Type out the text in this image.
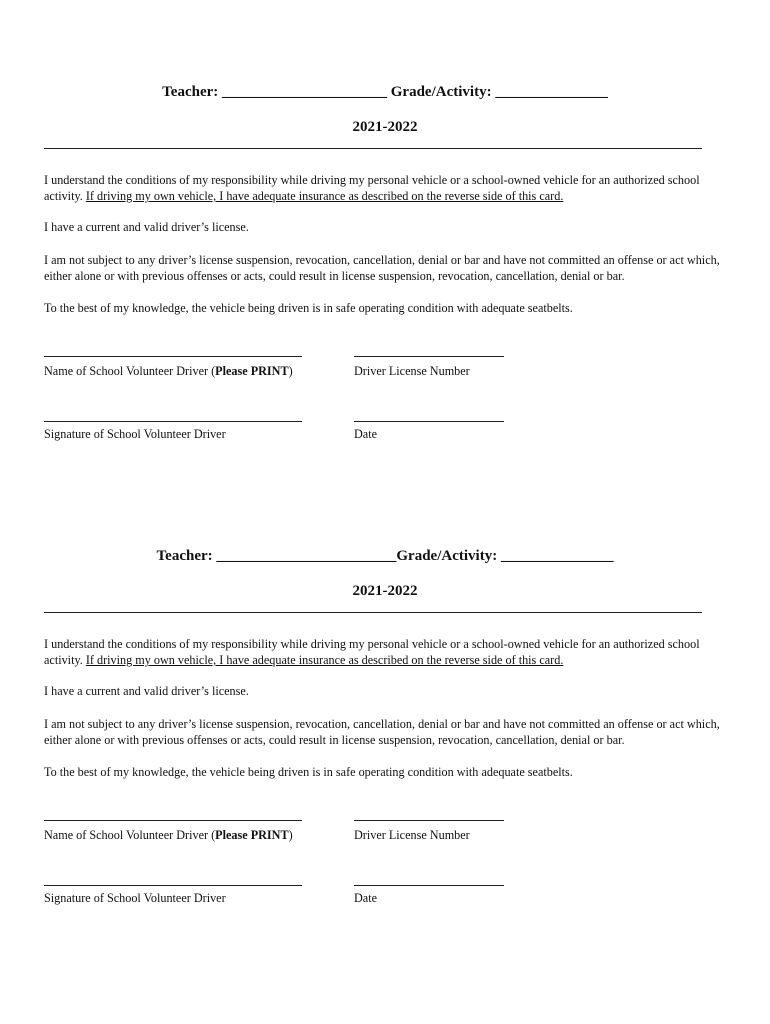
Teacher: ______________________ Grade/Activity: _______________
2021-2022
I understand the conditions of my responsibility while driving my personal vehicle or a school-owned vehicle for an authorized school activity. If driving my own vehicle, I have adequate insurance as described on the reverse side of this card.
I have a current and valid driver’s license.
I am not subject to any driver’s license suspension, revocation, cancellation, denial or bar and have not committed an offense or act which, either alone or with previous offenses or acts, could result in license suspension, revocation, cancellation, denial or bar.
To the best of my knowledge, the vehicle being driven is in safe operating condition with adequate seatbelts.
Name of School Volunteer Driver (Please PRINT)	Driver License Number
Signature of School Volunteer Driver	Date
Teacher: ________________________Grade/Activity: _______________
2021-2022
I understand the conditions of my responsibility while driving my personal vehicle or a school-owned vehicle for an authorized school activity. If driving my own vehicle, I have adequate insurance as described on the reverse side of this card.
I have a current and valid driver’s license.
I am not subject to any driver’s license suspension, revocation, cancellation, denial or bar and have not committed an offense or act which, either alone or with previous offenses or acts, could result in license suspension, revocation, cancellation, denial or bar.
To the best of my knowledge, the vehicle being driven is in safe operating condition with adequate seatbelts.
Name of School Volunteer Driver (Please PRINT)	Driver License Number
Signature of School Volunteer Driver	Date
